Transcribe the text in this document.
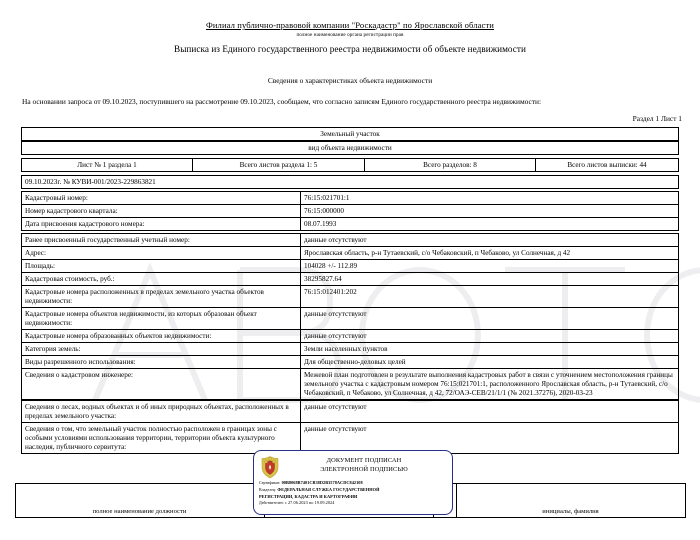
Филиал публично-правовой компании "Роскадастр" по Ярославской области
полное наименование органа регистрации прав
Выписка из Единого государственного реестра недвижимости об объекте недвижимости
Сведения о характеристиках объекта недвижимости
На основании запроса от 09.10.2023, поступившего на рассмотрение 09.10.2023, сообщаем, что согласно записям Единого государственного реестра недвижимости:
Раздел 1 Лист 1
Земельный участок
вид объекта недвижимости
Лист № 1 раздела 1	Всего листов раздела 1: 5	Всего разделов: 8	Всего листов выписки: 44
09.10.2023г. № КУВИ-001/2023-229863821
Кадастровый номер:	76:15:021701:1
Номер кадастрового квартала:	76:15:000000
Дата присвоения кадастрового номера:	08.07.1993
Ранее присвоенный государственный учетный номер:	данные отсутствуют
Адрес:	Ярославская область, р-н Тутаевский, с/о Чебаковский, п Чебаково, ул Солнечная, д 42
Площадь:	104028 +/- 112.89
Кадастровая стоимость, руб.:	38295827.64
Кадастровые номера расположенных в пределах земельного участка объектов недвижимости:	76:15:012401:202
Кадастровые номера объектов недвижимости, из которых образован объект недвижимости:	данные отсутствуют
Кадастровые номера образованных объектов недвижимости:	данные отсутствуют
Категория земель:	Земли населенных пунктов
Виды разрешенного использования:	Для общественно-деловых целей
Сведения о кадастровом инженере:	Межевой план подготовлен в результате выполнения кадастровых работ в связи с уточнением местоположения границы земельного участка с кадастровым номером 76:15:021701:1, расположенного Ярославская область, р-н Тутаевский, с/о Чебаковский, п Чебаково, ул Солнечная, д 42, 72/ОАЭ-СЕВ/21/1/1 (№ 2021.37276), 2020-03-23
Сведения о лесах, водных объектах и об иных природных объектах, расположенных в пределах земельного участка:	данные отсутствуют
Сведения о том, что земельный участок полностью расположен в границах зоны с особыми условиями использования территории, территории объекта культурного наследия, публичного сервитута:	данные отсутствуют
полное наименование должности			инициалы, фамилия
ДОКУМЕНТ ПОДПИСАН
ЭЛЕКТРОННОЙ ПОДПИСЬЮ
Сертификат: 00B8068B7401CB38D2B3578ACDC842108
Владелец: ФЕДЕРАЛЬНАЯ СЛУЖБА ГОСУДАРСТВЕННОЙ
РЕГИСТРАЦИИ, КАДАСТРА И КАРТОГРАФИИ
Действителен: с 27.06.2023 по 19.09.2024
